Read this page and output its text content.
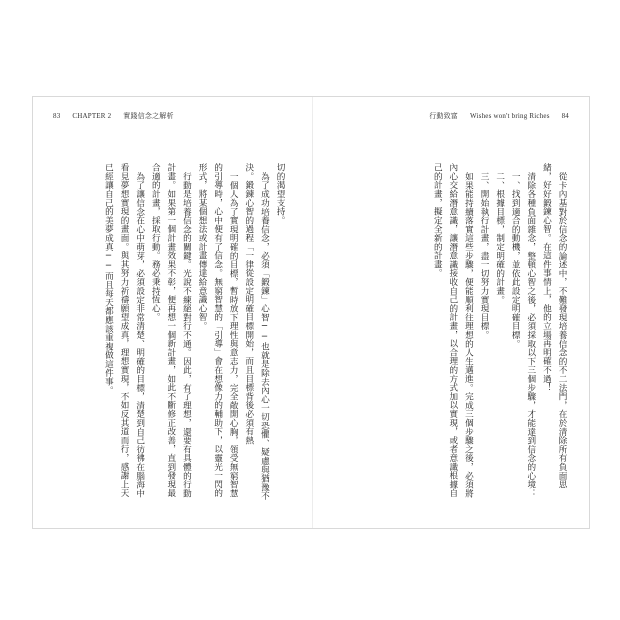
83 CHAPTER 2 實踐信念之解析	行動致富 Wishes won't bring Riches 84

切的渴望支持。

為了成功培養信念，必須「鍛鍊」心智──也就是除去內心一切恐懼、疑慮與猶豫不決。鍛鍊心智的過程「一律從設定明確目標開始，而且目標背後必須有熱

一個人為了實現明確的目標，暫時放下理性與意志力，完全敞開心胸，領受無窮智慧的引導時，心中便有了信念。無窮智慧的「引導」會在想像力的輔助下，以靈光一閃的形式，將某個想法或計畫傳達給意識心智。

行動是培養信念的關鍵。光說不練絕對行不通。因此，有了理想，還要有具體的行動計畫。如果第一個計畫效果不彰，便再想一個新計畫，如此不斷修正改善，直到發現最合適的計畫，採取行動。務必秉持恆心。

為了讓信念在心中萌芽，必須設定非常清楚、明確的目標，清楚到自己彷彿在腦海中看見夢想實現的畫面。與其努力祈禱願望成真，理想實現，不如反其道而行，感謝上天已經讓自己的美夢成真──而且每天都應該重複做這件事。	從卡內基對於信念的論述中，不難發現培養信念的不二法門，在於清除所有負面思緒，好好鍛鍊心智。在這件事情上，他的立場再明確不過！

清除各種負面雜念，整頓心智之後，必須採取以下三個步驟，才能達到信念的心境：

一、找到適合的動機，並依此設定明確目標。

二、根據目標，制定明確的計畫。

三、開始執行計畫，盡一切努力實現目標。

如果能持續落實這些步驟，便能順利往理想的人生邁進。完成三個步驟之後，必須將內心交給潛意識，讓潛意識接收自己的計畫，以合理的方式加以實現，或者意識根據自己的計畫，擬定全新的計畫。
